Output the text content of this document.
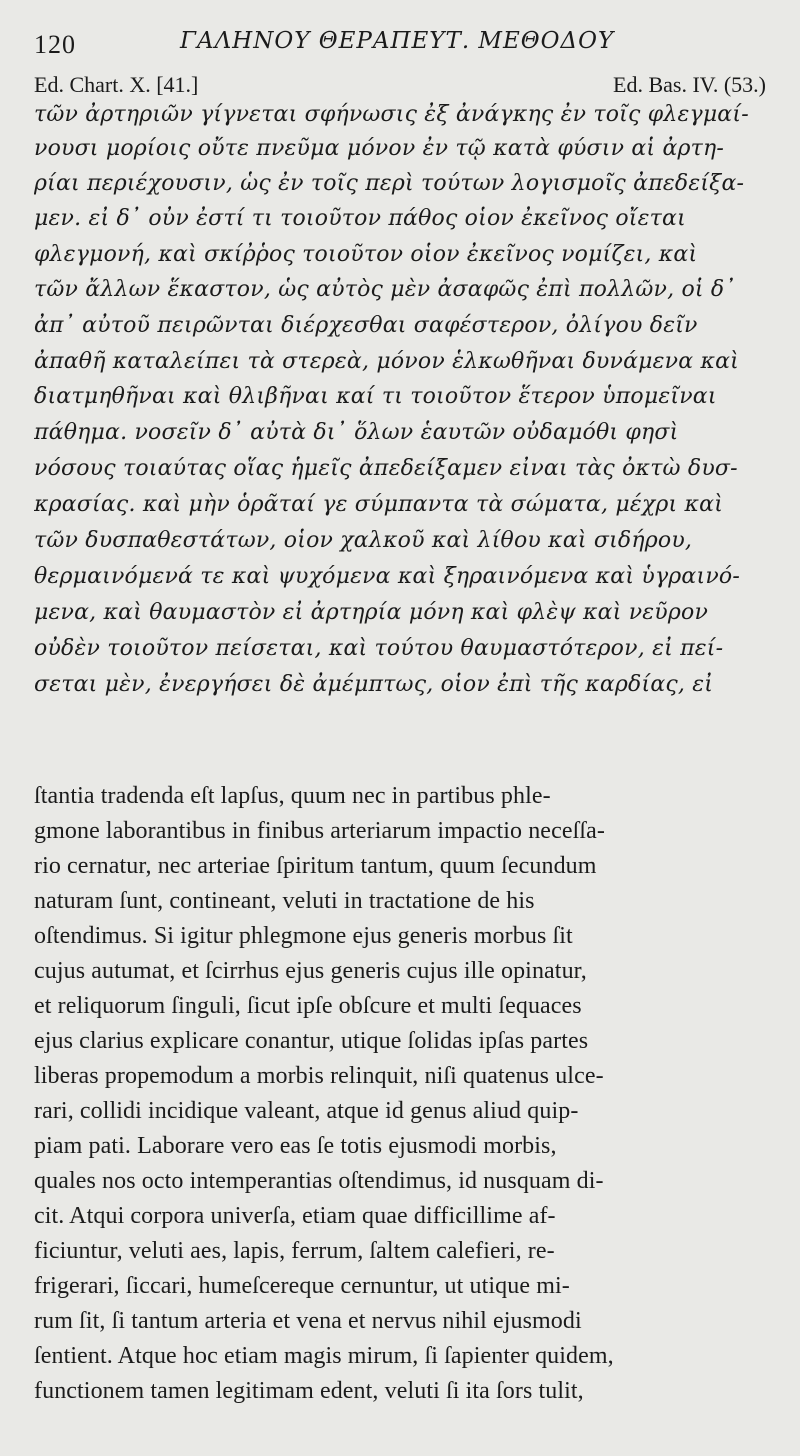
120	ΓΑΛΗΝΟΥ ΘΕΡΑΠΕΥΤ. ΜΕΘΟΔΟΥ
Ed. Chart. X. [41.]	Ed. Bas. IV. (53.)
τῶν ἀρτηριῶν γίγνεται σφήνωσις ἐξ ἀνάγκης ἐν τοῖς φλεγμαί-
νουσι μορίοις οὔτε πνεῦμα μόνον ἐν τῷ κατὰ φύσιν αἱ ἀρτη-
ρίαι περιέχουσιν, ὡς ἐν τοῖς περὶ τούτων λογισμοῖς ἀπεδείξα-
μεν. εἰ δ᾽ οὖν ἐστί τι τοιοῦτον πάθος οἷον ἐκεῖνος οἴεται
φλεγμονή, καὶ σκίῤῥος τοιοῦτον οἷον ἐκεῖνος νομίζει, καὶ
τῶν ἄλλων ἕκαστον, ὡς αὐτὸς μὲν ἀσαφῶς ἐπὶ πολλῶν, οἱ δ᾽
ἀπ᾽ αὐτοῦ πειρῶνται διέρχεσθαι σαφέστερον, ὀλίγου δεῖν
ἀπαθῆ καταλείπει τὰ στερεὰ, μόνον ἑλκωθῆναι δυνάμενα καὶ
διατμηθῆναι καὶ θλιβῆναι καί τι τοιοῦτον ἕτερον ὑπομεῖναι
πάθημα. νοσεῖν δ᾽ αὐτὰ δι᾽ ὅλων ἑαυτῶν οὐδαμόθι φησὶ
νόσους τοιαύτας οἵας ἡμεῖς ἀπεδείξαμεν εἶναι τὰς ὀκτὼ δυσ-
κρασίας. καὶ μὴν ὁρᾶταί γε σύμπαντα τὰ σώματα, μέχρι καὶ
τῶν δυσπαθεστάτων, οἷον χαλκοῦ καὶ λίθου καὶ σιδήρου,
θερμαινόμενά τε καὶ ψυχόμενα καὶ ξηραινόμενα καὶ ὑγραινό-
μενα, καὶ θαυμαστὸν εἰ ἀρτηρία μόνη καὶ φλὲψ καὶ νεῦρον
οὐδὲν τοιοῦτον πείσεται, καὶ τούτου θαυμαστότερον, εἰ πεί-
σεται μὲν, ἐνεργήσει δὲ ἀμέμπτως, οἷον ἐπὶ τῆς καρδίας, εἰ
ſtantia tradenda eſt lapſus, quum nec in partibus phle-
gmone laborantibus in finibus arteriarum impactio neceſſa-
rio cernatur, nec arteriae ſpiritum tantum, quum ſecundum
naturam ſunt, contineant, veluti in tractatione de his
oſtendimus. Si igitur phlegmone ejus generis morbus ſit
cujus autumat, et ſcirrhus ejus generis cujus ille opinatur,
et reliquorum ſinguli, ſicut ipſe obſcure et multi ſequaces
ejus clarius explicare conantur, utique ſolidas ipſas partes
liberas propemodum a morbis relinquit, niſi quatenus ulce-
rari, collidi incidique valeant, atque id genus aliud quip-
piam pati. Laborare vero eas ſe totis ejusmodi morbis,
quales nos octo intemperantias oſtendimus, id nusquam di-
cit. Atqui corpora univerſa, etiam quae difficillime af-
ficiuntur, veluti aes, lapis, ferrum, ſaltem calefieri, re-
frigerari, ſiccari, humeſcereque cernuntur, ut utique mi-
rum ſit, ſi tantum arteria et vena et nervus nihil ejusmodi
ſentient. Atque hoc etiam magis mirum, ſi ſapienter quidem,
functionem tamen legitimam edent, veluti ſi ita ſors tulit,
